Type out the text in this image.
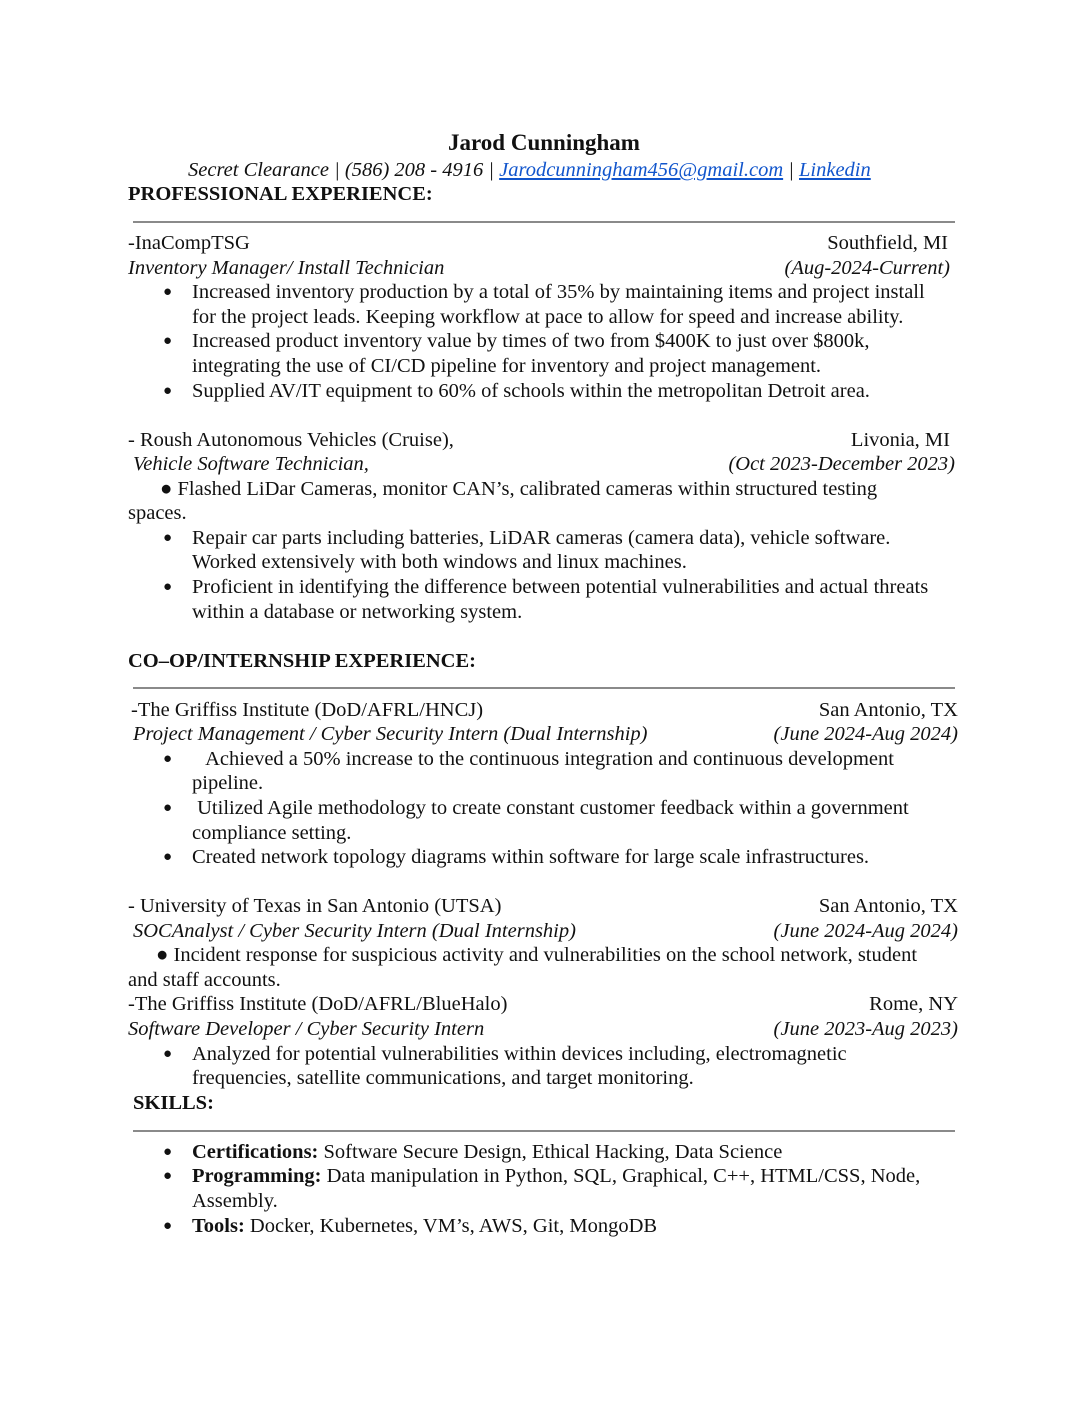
Jarod Cunningham
Secret Clearance | (586) 208 - 4916 | Jarodcunningham456@gmail.com | Linkedin
PROFESSIONAL EXPERIENCE:
-InaCompTSG	Southfield, MI
Inventory Manager/ Install Technician	(Aug-2024-Current)
● Increased inventory production by a total of 35% by maintaining items and project install
for the project leads. Keeping workflow at pace to allow for speed and increase ability.
● Increased product inventory value by times of two from $400K to just over $800k,
integrating the use of CI/CD pipeline for inventory and project management.
● Supplied AV/IT equipment to 60% of schools within the metropolitan Detroit area.
- Roush Autonomous Vehicles (Cruise),	Livonia, MI
Vehicle Software Technician,	(Oct 2023-December 2023)
● Flashed LiDar Cameras, monitor CAN’s, calibrated cameras within structured testing
spaces.
● Repair car parts including batteries, LiDAR cameras (camera data), vehicle software.
Worked extensively with both windows and linux machines.
● Proficient in identifying the difference between potential vulnerabilities and actual threats
within a database or networking system.
CO–OP/INTERNSHIP EXPERIENCE:
-The Griffiss Institute (DoD/AFRL/HNCJ)	San Antonio, TX
Project Management / Cyber Security Intern (Dual Internship)	(June 2024-Aug 2024)
● Achieved a 50% increase to the continuous integration and continuous development
pipeline.
● Utilized Agile methodology to create constant customer feedback within a government
compliance setting.
● Created network topology diagrams within software for large scale infrastructures.
- University of Texas in San Antonio (UTSA)	San Antonio, TX
SOCAnalyst / Cyber Security Intern (Dual Internship)	(June 2024-Aug 2024)
● Incident response for suspicious activity and vulnerabilities on the school network, student
and staff accounts.
-The Griffiss Institute (DoD/AFRL/BlueHalo)	Rome, NY
Software Developer / Cyber Security Intern	(June 2023-Aug 2023)
● Analyzed for potential vulnerabilities within devices including, electromagnetic
frequencies, satellite communications, and target monitoring.
SKILLS:
● Certifications: Software Secure Design, Ethical Hacking, Data Science
● Programming: Data manipulation in Python, SQL, Graphical, C++, HTML/CSS, Node,
Assembly.
● Tools: Docker, Kubernetes, VM’s, AWS, Git, MongoDB
